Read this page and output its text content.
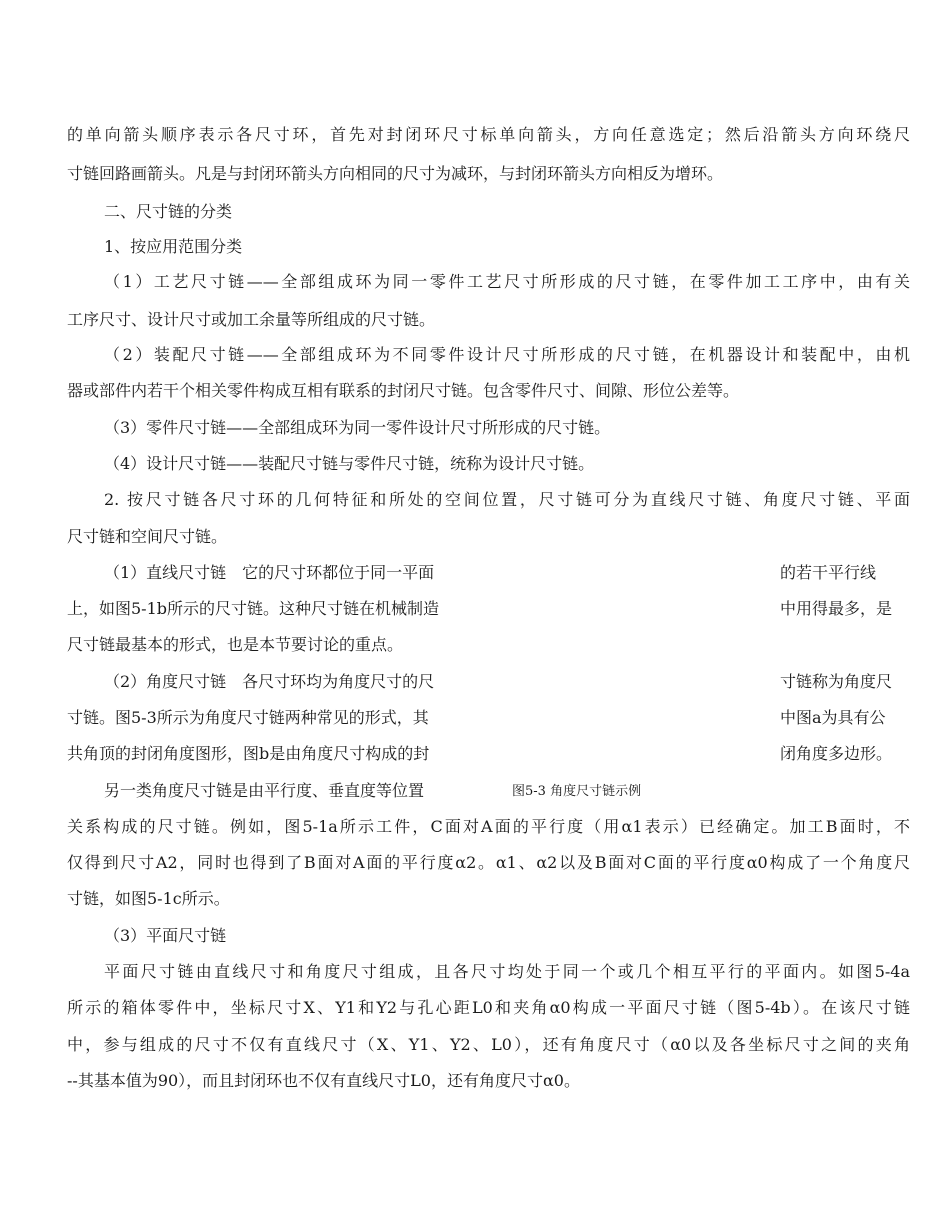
的单向箭头顺序表示各尺寸环，首先对封闭环尺寸标单向箭头，方向任意选定；然后沿箭头方向环绕尺
寸链回路画箭头。凡是与封闭环箭头方向相同的尺寸为减环，与封闭环箭头方向相反为增环。
二、尺寸链的分类
1、按应用范围分类
（1）工艺尺寸链——全部组成环为同一零件工艺尺寸所形成的尺寸链，在零件加工工序中，由有关
工序尺寸、设计尺寸或加工余量等所组成的尺寸链。
（2）装配尺寸链——全部组成环为不同零件设计尺寸所形成的尺寸链，在机器设计和装配中，由机
器或部件内若干个相关零件构成互相有联系的封闭尺寸链。包含零件尺寸、间隙、形位公差等。
（3）零件尺寸链——全部组成环为同一零件设计尺寸所形成的尺寸链。
（4）设计尺寸链——装配尺寸链与零件尺寸链，统称为设计尺寸链。
2. 按尺寸链各尺寸环的几何特征和所处的空间位置，尺寸链可分为直线尺寸链、角度尺寸链、平面
尺寸链和空间尺寸链。
（1）直线尺寸链　它的尺寸环都位于同一平面	的若干平行线
上，如图5-1b所示的尺寸链。这种尺寸链在机械制造	中用得最多，是
尺寸链最基本的形式，也是本节要讨论的重点。
（2）角度尺寸链　各尺寸环均为角度尺寸的尺	寸链称为角度尺
寸链。图5-3所示为角度尺寸链两种常见的形式，其	中图a为具有公
共角顶的封闭角度图形，图b是由角度尺寸构成的封	闭角度多边形。
另一类角度尺寸链是由平行度、垂直度等位置	图5-3 角度尺寸链示例
关系构成的尺寸链。例如，图5-1a所示工件，C面对A面的平行度（用α1表示）已经确定。加工B面时，不
仅得到尺寸A2，同时也得到了B面对A面的平行度α2。α1、α2以及B面对C面的平行度α0构成了一个角度尺
寸链，如图5-1c所示。
（3）平面尺寸链
平面尺寸链由直线尺寸和角度尺寸组成，且各尺寸均处于同一个或几个相互平行的平面内。如图5-4a
所示的箱体零件中，坐标尺寸X、Y1和Y2与孔心距L0和夹角α0构成一平面尺寸链（图5-4b）。在该尺寸链
中，参与组成的尺寸不仅有直线尺寸（X、Y1、Y2、L0），还有角度尺寸（α0以及各坐标尺寸之间的夹角
--其基本值为90），而且封闭环也不仅有直线尺寸L0，还有角度尺寸α0。
